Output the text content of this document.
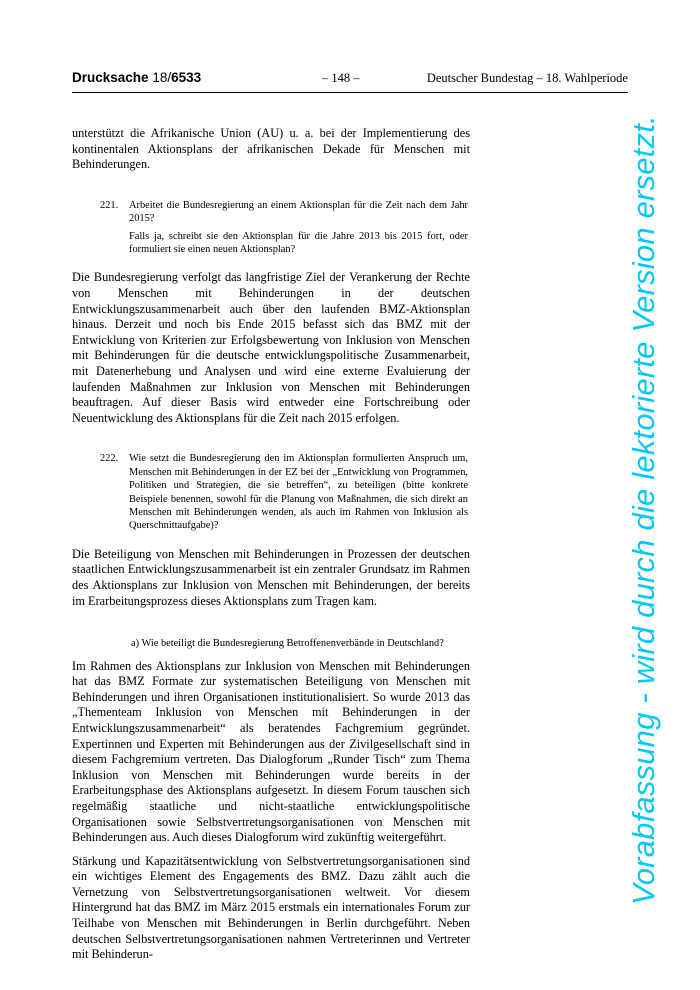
Drucksache 18/6533	– 148 –	Deutscher Bundestag – 18. Wahlperiode

unterstützt die Afrikanische Union (AU) u. a. bei der Implementierung des kontinentalen Aktionsplans der afrikanischen Dekade für Menschen mit Behinderungen.

221.	Arbeitet die Bundesregierung an einem Aktionsplan für die Zeit nach dem Jahr 2015?

Falls ja, schreibt sie den Aktionsplan für die Jahre 2013 bis 2015 fort, oder formuliert sie einen neuen Aktionsplan?

Die Bundesregierung verfolgt das langfristige Ziel der Verankerung der Rechte von Menschen mit Behinderungen in der deutschen Entwicklungszusammenarbeit auch über den laufenden BMZ-Aktionsplan hinaus. Derzeit und noch bis Ende 2015 befasst sich das BMZ mit der Entwicklung von Kriterien zur Erfolgsbewertung von Inklusion von Menschen mit Behinderungen für die deutsche entwicklungspolitische Zusammenarbeit, mit Datenerhebung und Analysen und wird eine externe Evaluierung der laufenden Maßnahmen zur Inklusion von Menschen mit Behinderungen beauftragen. Auf dieser Basis wird entweder eine Fortschreibung oder Neuentwicklung des Aktionsplans für die Zeit nach 2015 erfolgen.

222.	Wie setzt die Bundesregierung den im Aktionsplan formulierten Anspruch um, Menschen mit Behinderungen in der EZ bei der „Entwicklung von Programmen, Politiken und Strategien, die sie betreffen“, zu beteiligen (bitte konkrete Beispiele benennen, sowohl für die Planung von Maßnahmen, die sich direkt an Menschen mit Behinderungen wenden, als auch im Rahmen von Inklusion als Querschnittaufgabe)?

Die Beteiligung von Menschen mit Behinderungen in Prozessen der deutschen staatlichen Entwicklungszusammenarbeit ist ein zentraler Grundsatz im Rahmen des Aktionsplans zur Inklusion von Menschen mit Behinderungen, der bereits im Erarbeitungsprozess dieses Aktionsplans zum Tragen kam.

a) Wie beteiligt die Bundesregierung Betroffenenverbände in Deutschland?

Im Rahmen des Aktionsplans zur Inklusion von Menschen mit Behinderungen hat das BMZ Formate zur systematischen Beteiligung von Menschen mit Behinderungen und ihren Organisationen institutionalisiert. So wurde 2013 das „Thementeam Inklusion von Menschen mit Behinderungen in der Entwicklungszusammenarbeit“ als beratendes Fachgremium gegründet. Expertinnen und Experten mit Behinderungen aus der Zivilgesellschaft sind in diesem Fachgremium vertreten. Das Dialogforum „Runder Tisch“ zum Thema Inklusion von Menschen mit Behinderungen wurde bereits in der Erarbeitungsphase des Aktionsplans aufgesetzt. In diesem Forum tauschen sich regelmäßig staatliche und nicht-staatliche entwicklungspolitische Organisationen sowie Selbstvertretungsorganisationen von Menschen mit Behinderungen aus. Auch dieses Dialogforum wird zukünftig weitergeführt.

Stärkung und Kapazitätsentwicklung von Selbstvertretungsorganisationen sind ein wichtiges Element des Engagements des BMZ. Dazu zählt auch die Vernetzung von Selbstvertretungsorganisationen weltweit. Vor diesem Hintergrund hat das BMZ im März 2015 erstmals ein internationales Forum zur Teilhabe von Menschen mit Behinderungen in Berlin durchgeführt. Neben deutschen Selbstvertretungsorganisationen nahmen Vertreterinnen und Vertreter mit Behinderun-

Vorabfassung - wird durch die lektorierte Version ersetzt.
